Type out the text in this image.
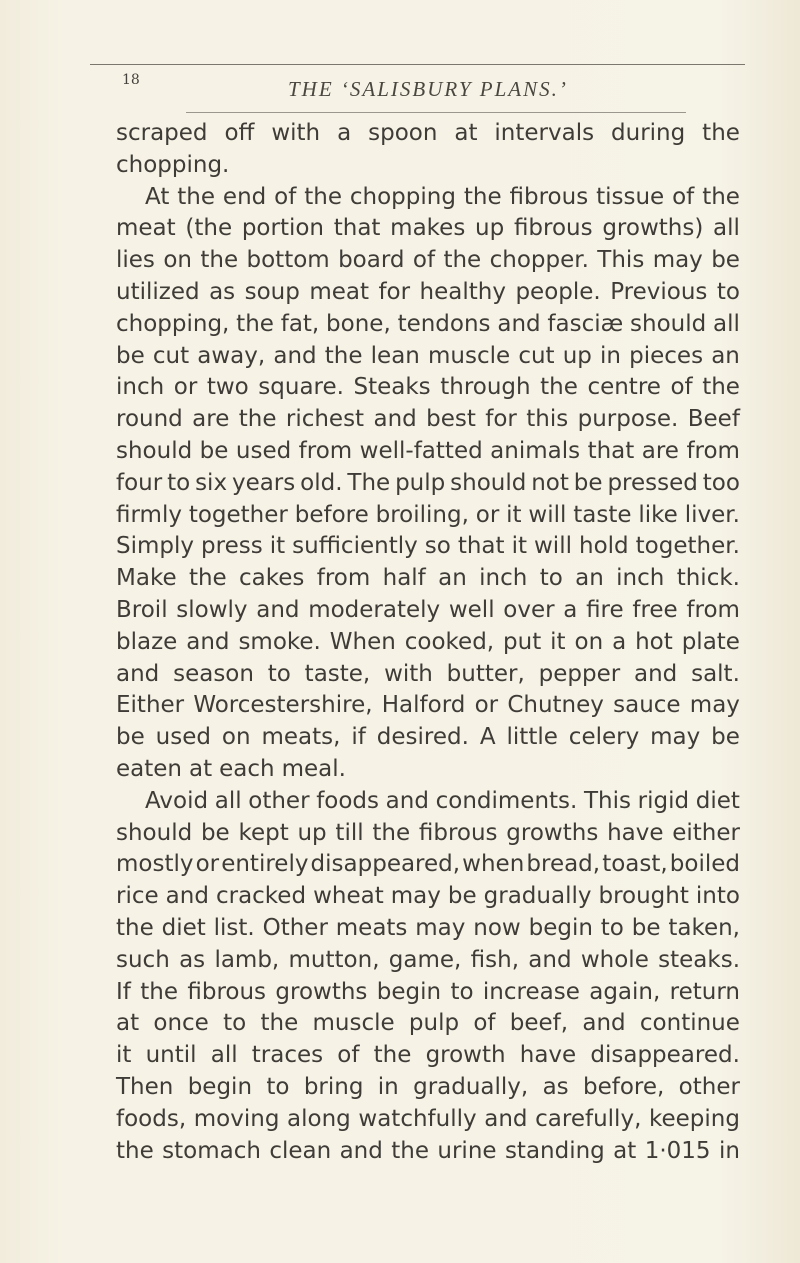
18	THE ‘SALISBURY PLANS.’
scraped off with a spoon at intervals during the
chopping.
At the end of the chopping the fibrous tissue of the
meat (the portion that makes up fibrous growths) all
lies on the bottom board of the chopper. This may be
utilized as soup meat for healthy people. Previous to
chopping, the fat, bone, tendons and fasciæ should all
be cut away, and the lean muscle cut up in pieces an
inch or two square. Steaks through the centre of the
round are the richest and best for this purpose. Beef
should be used from well-fatted animals that are from
four to six years old. The pulp should not be pressed too
firmly together before broiling, or it will taste like liver.
Simply press it sufficiently so that it will hold together.
Make the cakes from half an inch to an inch thick.
Broil slowly and moderately well over a fire free from
blaze and smoke. When cooked, put it on a hot plate
and season to taste, with butter, pepper and salt.
Either Worcestershire, Halford or Chutney sauce may
be used on meats, if desired. A little celery may be
eaten at each meal.
Avoid all other foods and condiments. This rigid diet
should be kept up till the fibrous growths have either
mostly or entirely disappeared, when bread, toast, boiled
rice and cracked wheat may be gradually brought into
the diet list. Other meats may now begin to be taken,
such as lamb, mutton, game, fish, and whole steaks.
If the fibrous growths begin to increase again, return
at once to the muscle pulp of beef, and continue
it until all traces of the growth have disappeared.
Then begin to bring in gradually, as before, other
foods, moving along watchfully and carefully, keeping
the stomach clean and the urine standing at 1·015 in
